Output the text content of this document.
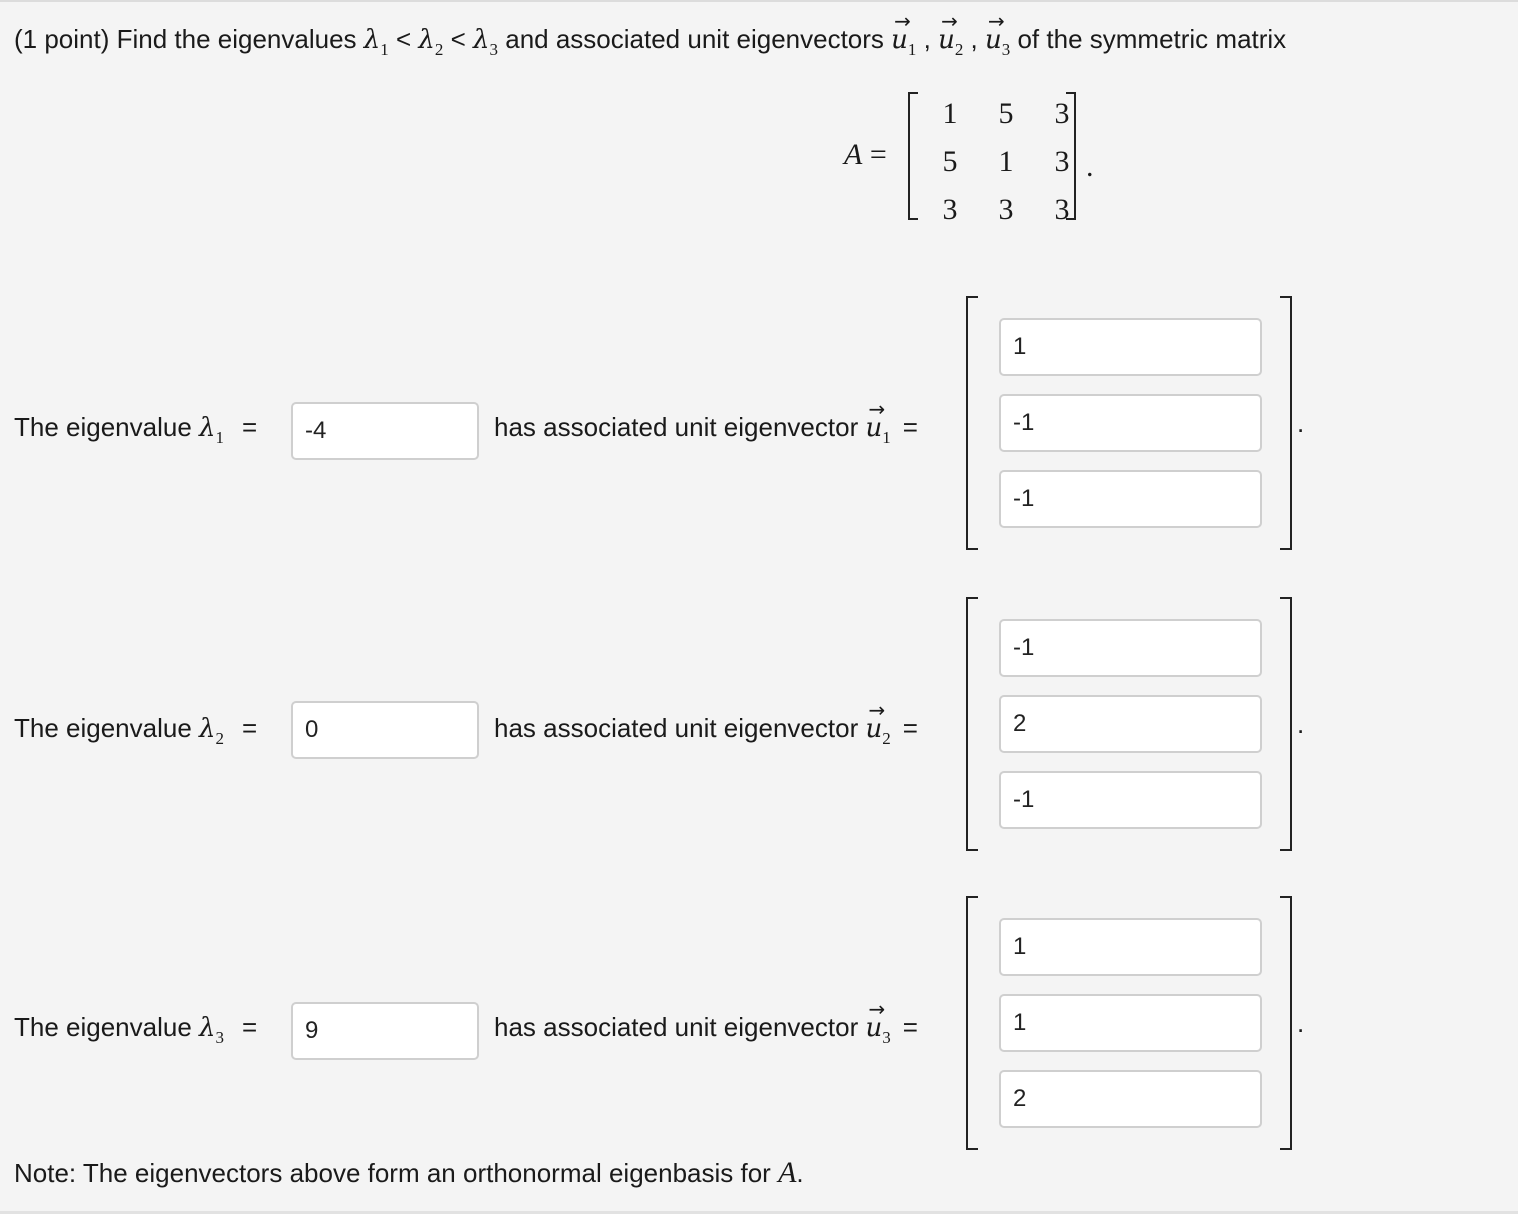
(1 point) Find the eigenvalues $\lambda_1 < \lambda_2 < \lambda_3$ and associated unit eigenvectors
→
$u_1$ ,
→
$u_2$ ,
→
$u_3$ of the symmetric matrix
A =
1	5	3
5	1	3
3	3	3
.
The eigenvalue $\lambda_1$ =
-4	has associated unit eigenvector
→
$u_1$ =
1
-1
-1	.
The eigenvalue $\lambda_2$ =
0	has associated unit eigenvector
→
$u_2$ =
-1
2
-1	.
The eigenvalue $\lambda_3$ =
9	has associated unit eigenvector
→
$u_3$ =
1
1
2	.
Note: The eigenvectors above form an orthonormal eigenbasis for A.
